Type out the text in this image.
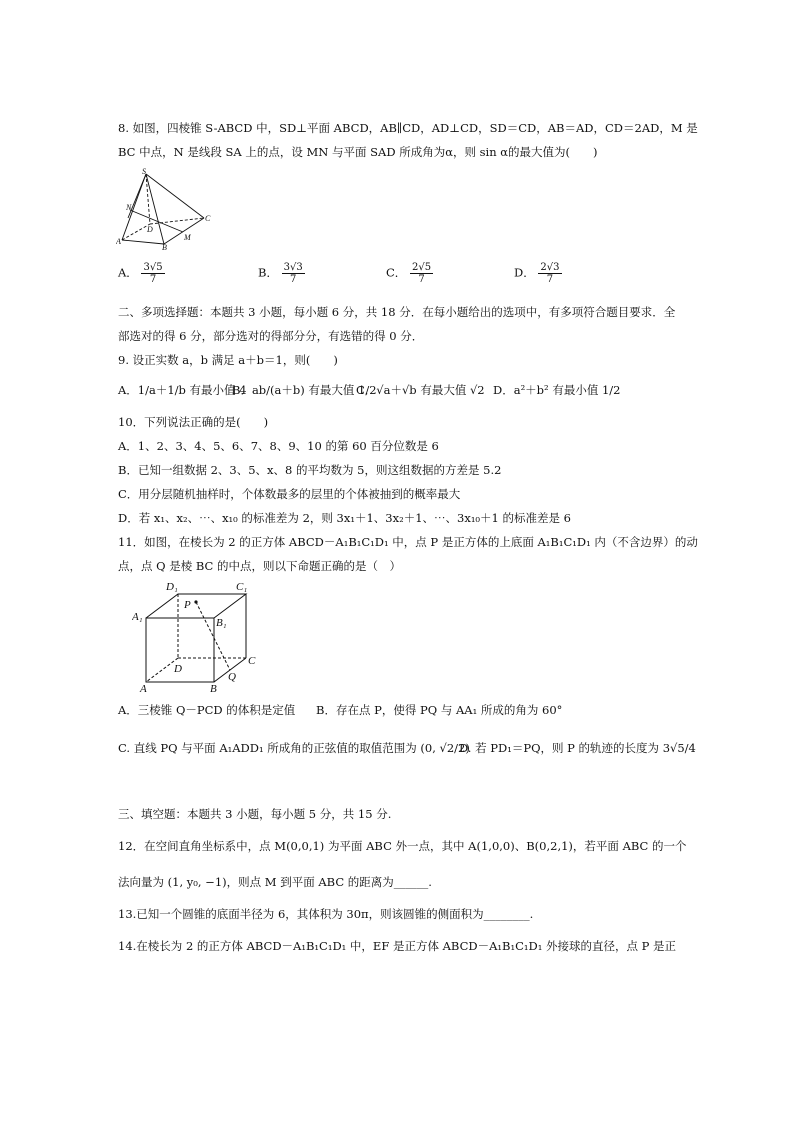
8. 如图，四棱锥 S-ABCD 中，SD⊥平面 ABCD，AB∥CD，AD⊥CD，SD＝CD，AB＝AD，CD＝2AD，M 是
BC 中点，N 是线段 SA 上的点，设 MN 与平面 SAD 所成角为α，则 sin α的最大值为(　　)
S
N
D
C
A
B
M
A． $\frac{3√5}{7}$	B． $\frac{3√3}{7}$	C． $\frac{2√5}{7}$	D． $\frac{2√3}{7}$
二、多项选择题：本题共 3 小题，每小题 6 分，共 18 分．在每小题给出的选项中，有多项符合题目要求．全
部选对的得 6 分，部分选对的得部分分，有选错的得 0 分．
9. 设正实数 a，b 满足 a＋b＝1，则(　　)
A．1/a＋1/b 有最小值 4
B．ab/(a＋b) 有最大值 1/2
C．√a＋√b 有最大值 √2 D．a²＋b² 有最小值 1/2
10．下列说法正确的是(　　)
A．1、2、3、4、5、6、7、8、9、10 的第 60 百分位数是 6
B．已知一组数据 2、3、5、x、8 的平均数为 5，则这组数据的方差是 5.2
C．用分层随机抽样时，个体数最多的层里的个体被抽到的概率最大
D．若 x₁、x₂、⋯、x₁₀ 的标准差为 2，则 3x₁＋1、3x₂＋1、⋯、3x₁₀＋1 的标准差是 6
11．如图，在棱长为 2 的正方体 ABCD－A₁B₁C₁D₁ 中，点 P 是正方体的上底面 A₁B₁C₁D₁ 内（不含边界）的动
点，点 Q 是棱 BC 的中点，则以下命题正确的是（　）
D₁	C₁
A₁	B₁
P
D
C
A	B
Q
A．三棱锥 Q－PCD 的体积是定值 B．存在点 P，使得 PQ 与 AA₁ 所成的角为 60°
C. 直线 PQ 与平面 A₁ADD₁ 所成角的正弦值的取值范围为 (0, √2/2)
D. 若 PD₁＝PQ，则 P 的轨迹的长度为 3√5/4
三、填空题：本题共 3 小题，每小题 5 分，共 15 分.
12．在空间直角坐标系中，点 M(0,0,1) 为平面 ABC 外一点，其中 A(1,0,0)、B(0,2,1)，若平面 ABC 的一个
法向量为 (1, y₀, −1)，则点 M 到平面 ABC 的距离为______.
13.已知一个圆锥的底面半径为 6，其体积为 30π，则该圆锥的侧面积为________.
14.在棱长为 2 的正方体 ABCD－A₁B₁C₁D₁ 中，EF 是正方体 ABCD－A₁B₁C₁D₁ 外接球的直径，点 P 是正
